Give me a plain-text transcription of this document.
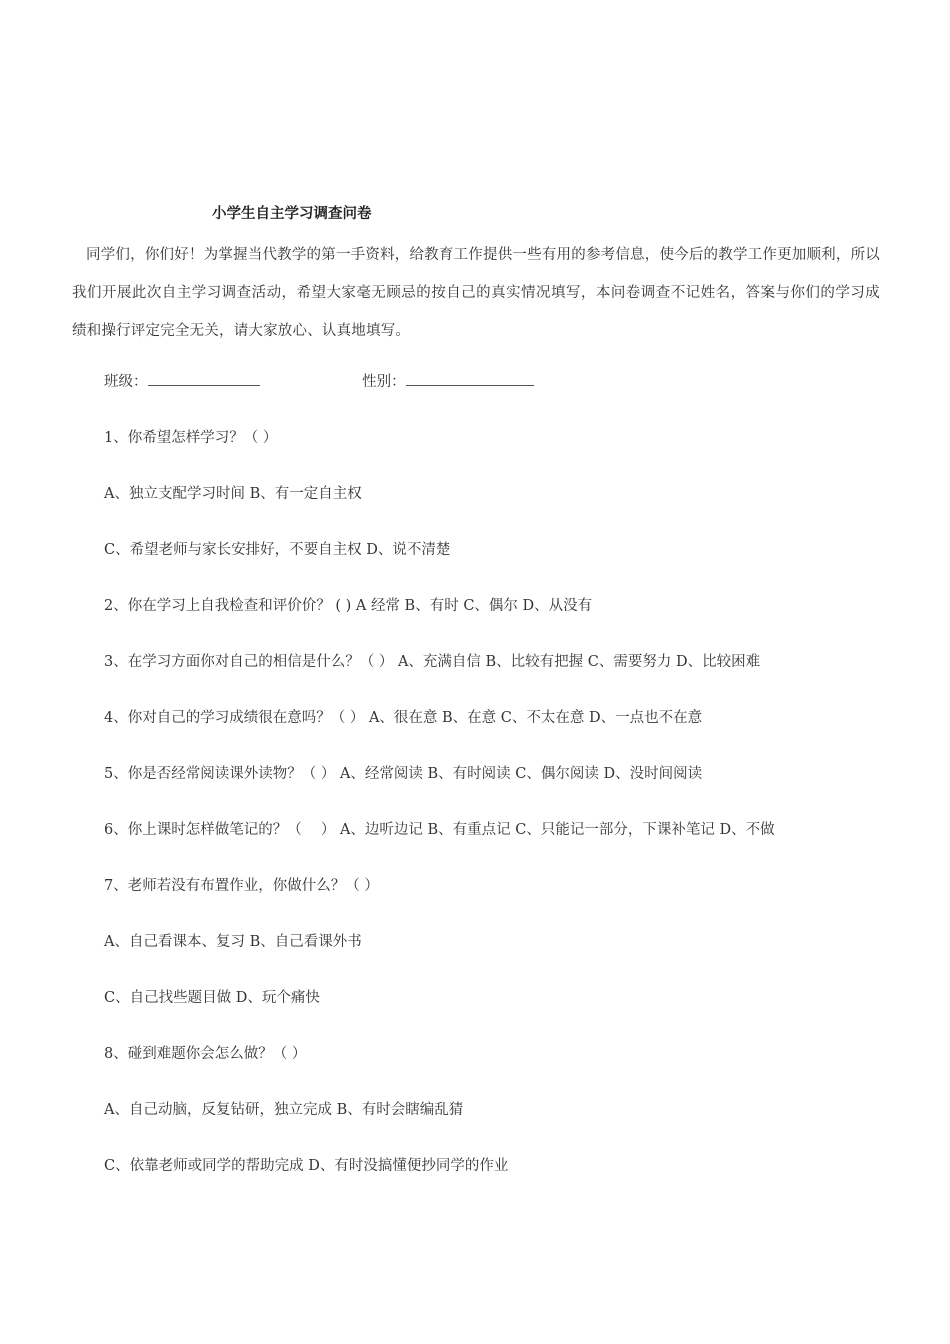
小学生自主学习调查问卷
同学们，你们好！为掌握当代教学的第一手资料，给教育工作提供一些有用的参考信息，使今后的教学工作更加顺利，所以我们开展此次自主学习调查活动，希望大家毫无顾忌的按自己的真实情况填写，本问卷调查不记姓名，答案与你们的学习成绩和操行评定完全无关，请大家放心、认真地填写。
班级：	性别：
1、你希望怎样学习？（ ）
A、独立支配学习时间 B、有一定自主权
C、希望老师与家长安排好，不要自主权 D、说不清楚
2、你在学习上自我检查和评价价？ ( ) A 经常 B、有时 C、偶尔 D、从没有
3、在学习方面你对自己的相信是什么？（ ） A、充满自信 B、比较有把握 C、需要努力 D、比较困难
4、你对自己的学习成绩很在意吗？（ ） A、很在意 B、在意 C、不太在意 D、一点也不在意
5、你是否经常阅读课外读物？（ ） A、经常阅读 B、有时阅读 C、偶尔阅读 D、没时间阅读
6、你上课时怎样做笔记的？（　 ） A、边听边记 B、有重点记 C、只能记一部分，下课补笔记 D、不做
7、老师若没有布置作业，你做什么？（ ）
A、自己看课本、复习 B、自己看课外书
C、自己找些题目做 D、玩个痛快
8、碰到难题你会怎么做？（ ）
A、自己动脑，反复钻研，独立完成 B、有时会瞎编乱猜
C、依靠老师或同学的帮助完成 D、有时没搞懂便抄同学的作业
